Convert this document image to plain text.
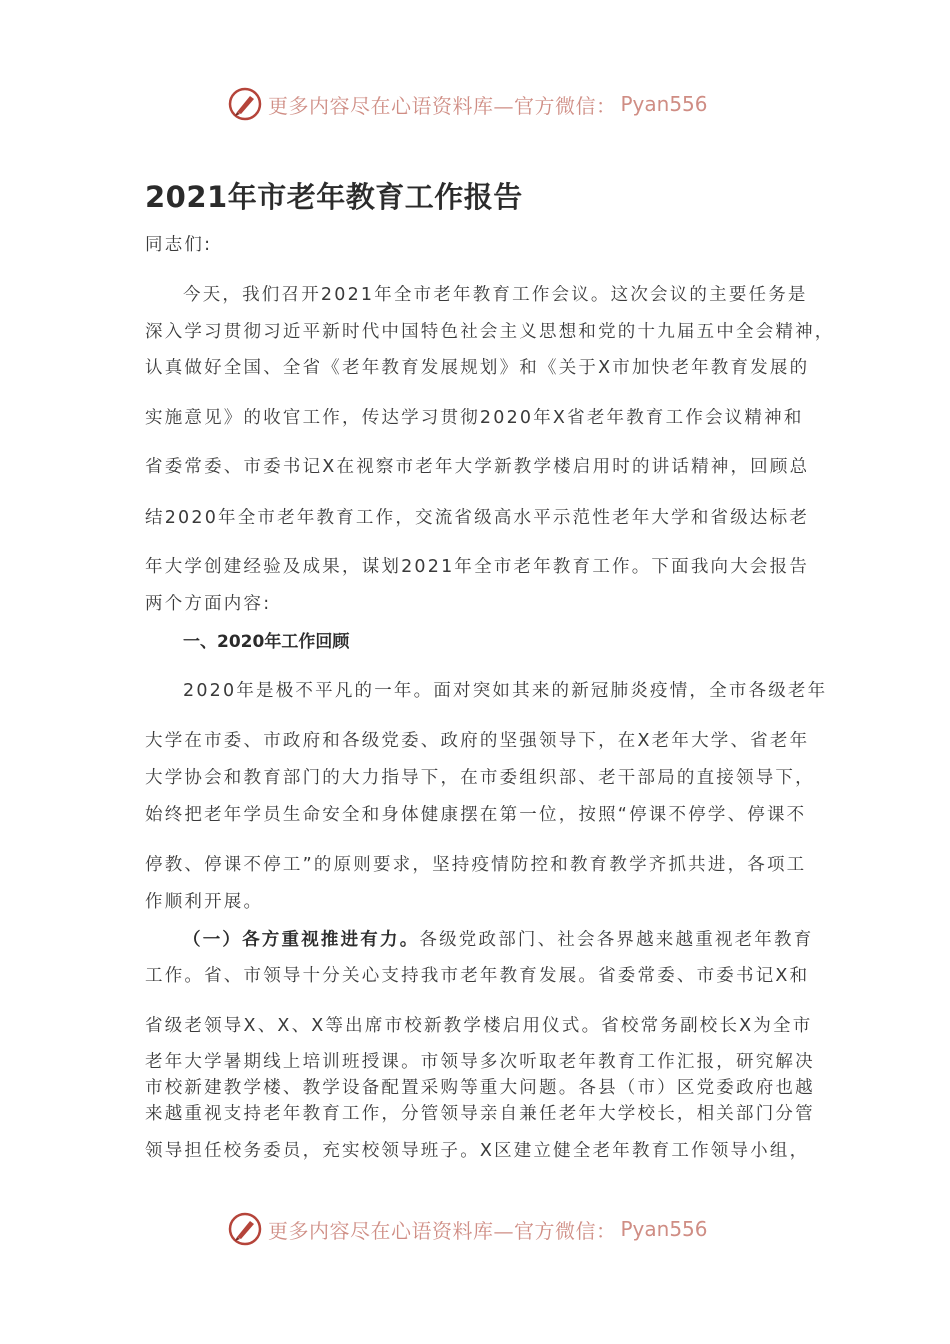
更多内容尽在心语资料库—官方微信： Pyan556
2021年市老年教育工作报告
同志们:
今天，我们召开2021年全市老年教育工作会议。这次会议的主要任务是
深入学习贯彻习近平新时代中国特色社会主义思想和党的十九届五中全会精神，
认真做好全国、全省《老年教育发展规划》和《关于X市加快老年教育发展的
实施意见》的收官工作，传达学习贯彻2020年X省老年教育工作会议精神和
省委常委、市委书记X在视察市老年大学新教学楼启用时的讲话精神，回顾总
结2020年全市老年教育工作，交流省级高水平示范性老年大学和省级达标老
年大学创建经验及成果，谋划2021年全市老年教育工作。下面我向大会报告
两个方面内容:
一、2020年工作回顾
2020年是极不平凡的一年。面对突如其来的新冠肺炎疫情，全市各级老年
大学在市委、市政府和各级党委、政府的坚强领导下，在X老年大学、省老年
大学协会和教育部门的大力指导下，在市委组织部、老干部局的直接领导下，
始终把老年学员生命安全和身体健康摆在第一位，按照“停课不停学、停课不
停教、停课不停工”的原则要求，坚持疫情防控和教育教学齐抓共进，各项工
作顺利开展。
（一）各方重视推进有力。各级党政部门、社会各界越来越重视老年教育
工作。省、市领导十分关心支持我市老年教育发展。省委常委、市委书记X和
省级老领导X、X、X等出席市校新教学楼启用仪式。省校常务副校长X为全市
老年大学暑期线上培训班授课。市领导多次听取老年教育工作汇报，研究解决
市校新建教学楼、教学设备配置采购等重大问题。各县（市）区党委政府也越
来越重视支持老年教育工作，分管领导亲自兼任老年大学校长，相关部门分管
领导担任校务委员，充实校领导班子。X区建立健全老年教育工作领导小组，
更多内容尽在心语资料库—官方微信： Pyan556
